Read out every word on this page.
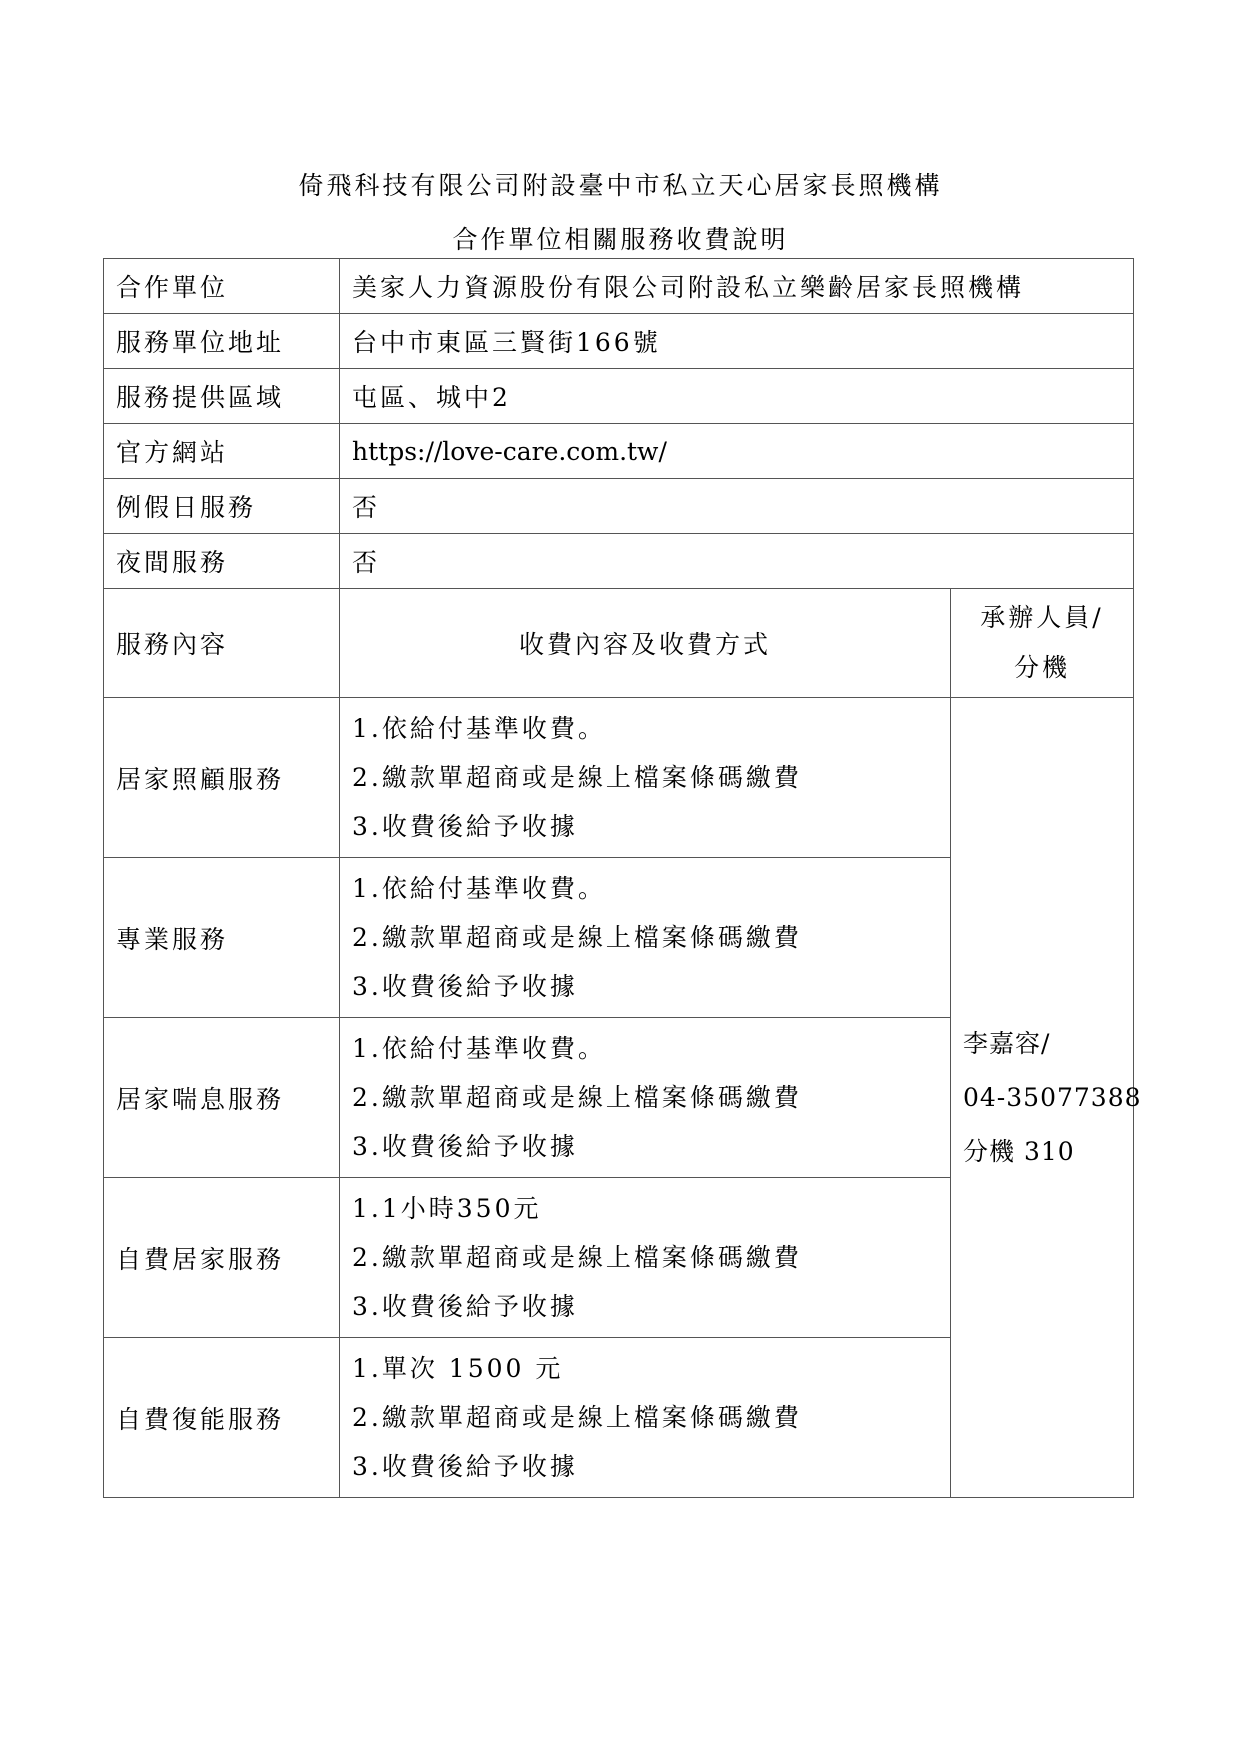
倚飛科技有限公司附設臺中市私立天心居家長照機構
合作單位相關服務收費說明
合作單位	美家人力資源股份有限公司附設私立樂齡居家長照機構	
服務單位地址	台中市東區三賢街166號	
服務提供區域	屯區、城中2	
官方網站	https://love-care.com.tw/	
例假日服務	否	
夜間服務	否	
服務內容	收費內容及收費方式	承辦人員/
分機

居家照顧服務	1.依給付基準收費。
2.繳款單超商或是線上檔案條碼繳費
3.收費後給予收據	李嘉容/
04-35077388
分機 310

專業服務	1.依給付基準收費。
2.繳款單超商或是線上檔案條碼繳費
3.收費後給予收據	

居家喘息服務	1.依給付基準收費。
2.繳款單超商或是線上檔案條碼繳費
3.收費後給予收據	

自費居家服務	1.1小時350元
2.繳款單超商或是線上檔案條碼繳費
3.收費後給予收據	

自費復能服務	1.單次 1500 元
2.繳款單超商或是線上檔案條碼繳費
3.收費後給予收據	
